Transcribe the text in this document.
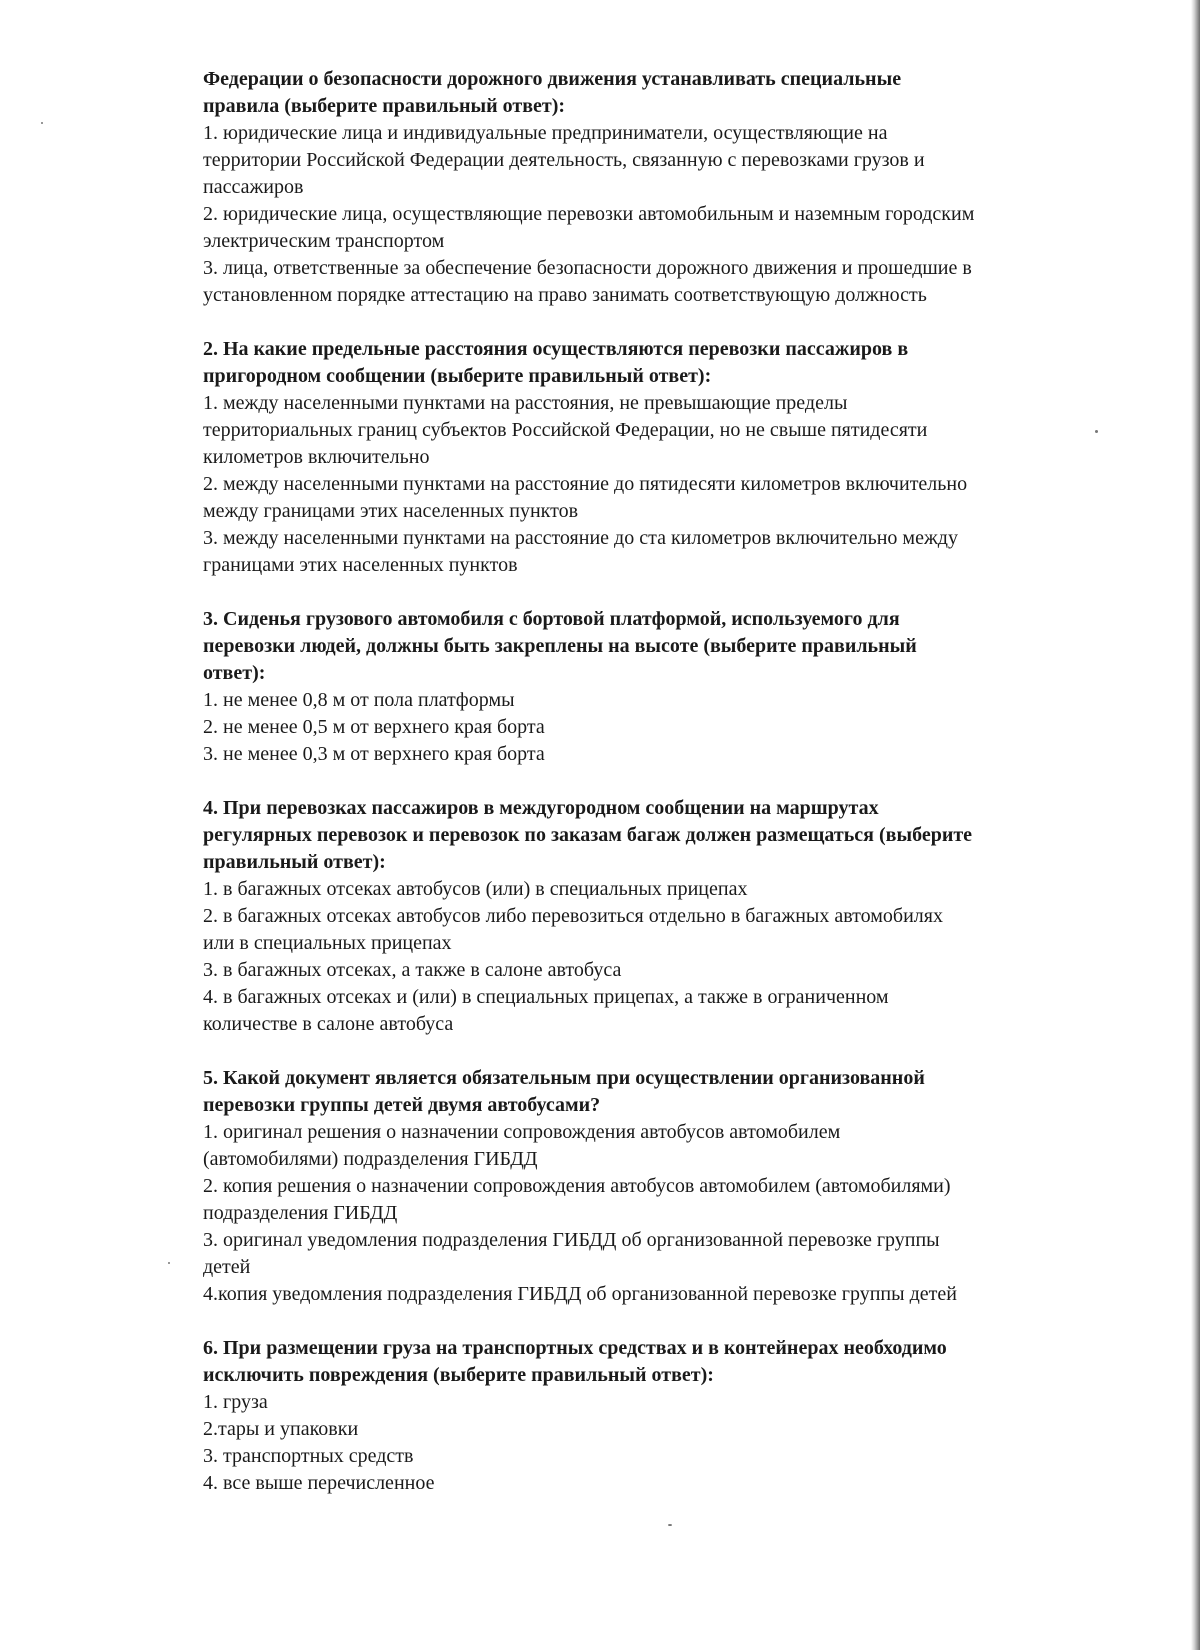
Федерации о безопасности дорожного движения устанавливать специальные

правила (выберите правильный ответ):

1. юридические лица и индивидуальные предприниматели, осуществляющие на

территории Российской Федерации деятельность, связанную с перевозками грузов и

пассажиров

2. юридические лица, осуществляющие перевозки автомобильным и наземным городским

электрическим транспортом

3. лица, ответственные за обеспечение безопасности дорожного движения и прошедшие в

установленном порядке аттестацию на право занимать соответствующую должность

2. На какие предельные расстояния осуществляются перевозки пассажиров в

пригородном сообщении (выберите правильный ответ):

1. между населенными пунктами на расстояния, не превышающие пределы

территориальных границ субъектов Российской Федерации, но не свыше пятидесяти

километров включительно

2. между населенными пунктами на расстояние до пятидесяти километров включительно

между границами этих населенных пунктов

3. между населенными пунктами на расстояние до ста километров включительно между

границами этих населенных пунктов

3. Сиденья грузового автомобиля с бортовой платформой, используемого для

перевозки людей, должны быть закреплены на высоте (выберите правильный

ответ):

1. не менее 0,8 м от пола платформы

2. не менее 0,5 м от верхнего края борта

3. не менее 0,3 м от верхнего края борта

4. При перевозках пассажиров в междугородном сообщении на маршрутах

регулярных перевозок и перевозок по заказам багаж должен размещаться (выберите

правильный ответ):

1. в багажных отсеках автобусов (или) в специальных прицепах

2. в багажных отсеках автобусов либо перевозиться отдельно в багажных автомобилях

или в специальных прицепах

3. в багажных отсеках, а также в салоне автобуса

4. в багажных отсеках и (или) в специальных прицепах, а также в ограниченном

количестве в салоне автобуса

5. Какой документ является обязательным при осуществлении организованной

перевозки группы детей двумя автобусами?

1. оригинал решения о назначении сопровождения автобусов автомобилем

(автомобилями) подразделения ГИБДД

2. копия решения о назначении сопровождения автобусов автомобилем (автомобилями)

подразделения ГИБДД

3. оригинал уведомления подразделения ГИБДД об организованной перевозке группы

детей

4.копия уведомления подразделения ГИБДД об организованной перевозке группы детей

6. При размещении груза на транспортных средствах и в контейнерах необходимо

исключить повреждения (выберите правильный ответ):

1. груза

2.тары и упаковки

3. транспортных средств

4. все выше перечисленное
